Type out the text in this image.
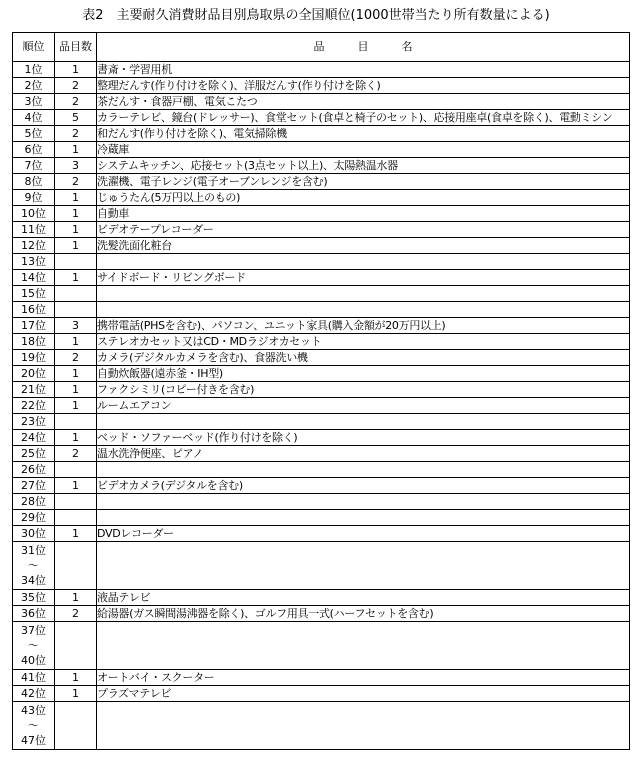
表2　主要耐久消費財品目別鳥取県の全国順位(1000世帯当たり所有数量による)
順位	品目数	品　　　目　　　名
1位	1	書斎・学習用机
2位	2	整理だんす(作り付けを除く)、洋服だんす(作り付けを除く)
3位	2	茶だんす・食器戸棚、電気こたつ
4位	5	カラーテレビ、鏡台(ドレッサー)、食堂セット(食卓と椅子のセット)、応接用座卓(食卓を除く)、電動ミシン
5位	2	和だんす(作り付けを除く)、電気掃除機
6位	1	冷蔵庫
7位	3	システムキッチン、応接セット(3点セット以上)、太陽熱温水器
8位	2	洗濯機、電子レンジ(電子オーブンレンジを含む)
9位	1	じゅうたん(5万円以上のもの)
10位	1	自動車
11位	1	ビデオテープレコーダー
12位	1	洗髪洗面化粧台
13位		
14位	1	サイドボード・リビングボード
15位		
16位		
17位	3	携帯電話(PHSを含む)、パソコン、ユニット家具(購入金額が20万円以上)
18位	1	ステレオカセット又はCD・MDラジオカセット
19位	2	カメラ(デジタルカメラを含む)、食器洗い機
20位	1	自動炊飯器(遠赤釜・IH型)
21位	1	ファクシミリ(コピー付きを含む)
22位	1	ルームエアコン
23位		
24位	1	ベッド・ソファーベッド(作り付けを除く)
25位	2	温水洗浄便座、ピアノ
26位		
27位	1	ビデオカメラ(デジタルを含む)
28位		
29位		
30位	1	DVDレコーダー
31位
～
34位		
35位	1	液晶テレビ
36位	2	給湯器(ガス瞬間湯沸器を除く)、ゴルフ用具一式(ハーフセットを含む)
37位
～
40位		
41位	1	オートバイ・スクーター
42位	1	プラズマテレビ
43位
～
47位		
